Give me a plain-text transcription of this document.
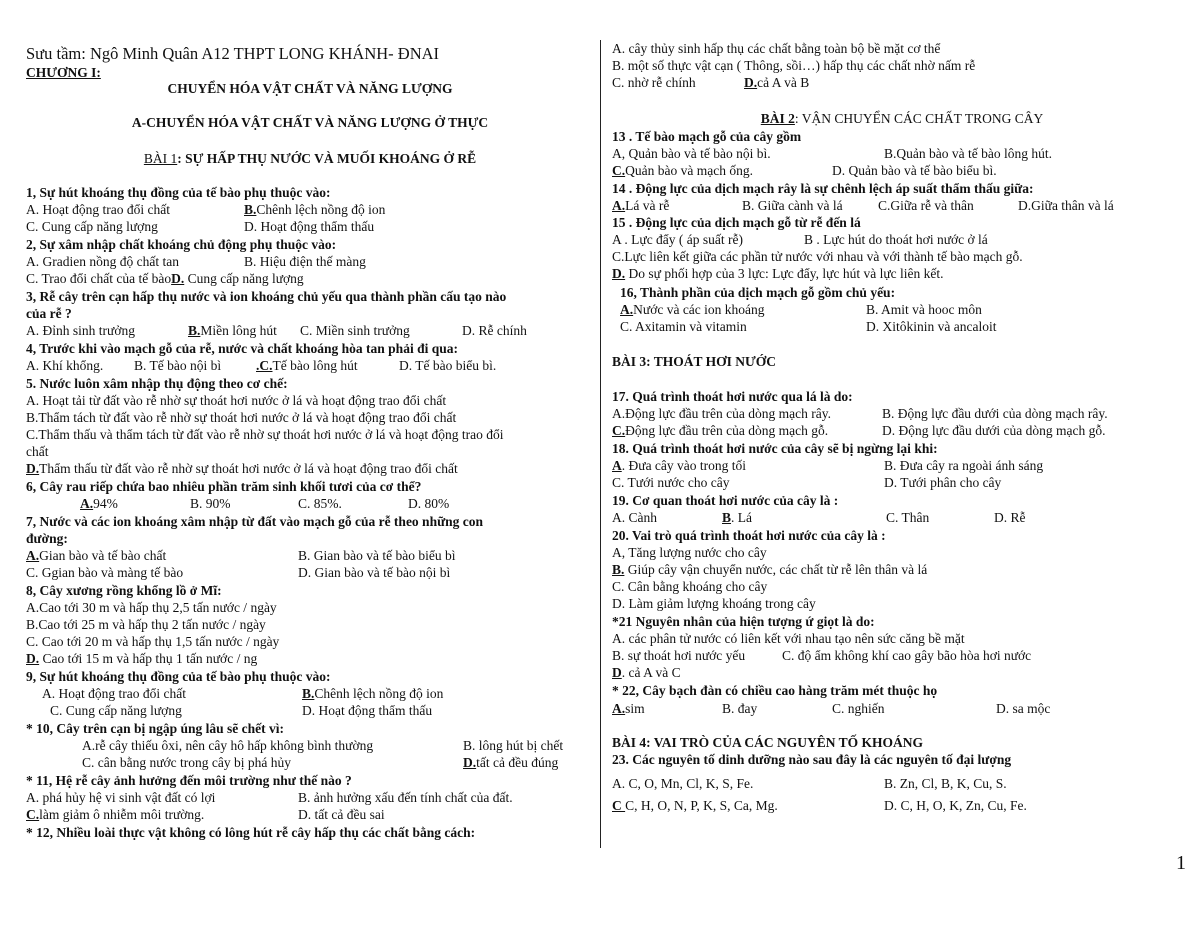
Sưu tầm: Ngô Minh Quân A12 THPT LONG KHÁNH- ĐNAI
CHƯƠNG I:
CHUYỂN HÓA VẬT CHẤT VÀ NĂNG LƯỢNG
A-CHUYỂN HÓA VẬT CHẤT VÀ NĂNG LƯỢNG Ở THỰC
BÀI 1: SỰ HẤP THỤ NƯỚC VÀ MUỐI KHOÁNG Ở RỄ
1, Sự hút khoáng thụ đồng của tế bào phụ thuộc vào:
A. Hoạt động trao đổi chất	B.Chênh lệch nồng độ ion
C. Cung cấp năng lượng	D. Hoạt động thẩm thấu
2, Sự xâm nhập chất khoáng chủ động phụ thuộc vào:
A. Gradien nồng độ chất tan	B. Hiệu điện thế màng
C. Trao đổi chất của tế bàoD. Cung cấp năng lượng
3, Rễ cây trên cạn hấp thụ nước và ion khoáng chủ yếu qua thành phần cấu tạo nào
của rễ ?
A. Đỉnh sinh trưởng	B.Miền lông hút	C. Miền sinh trưởng	D. Rễ chính
4, Trước khi vào mạch gỗ của rễ, nước và chất khoáng hòa tan phải đi qua:
A. Khí khổng.	B. Tế bào nội bì	.C.Tế bào lông hút	D. Tế bào biểu bì.
5. Nước luôn xâm nhập thụ động theo cơ chế:
A. Hoạt tải từ đất vào rễ nhờ sự thoát hơi nước ở lá và hoạt động trao đổi chất
B.Thẩm tách từ đất vào rễ nhờ sự thoát hơi nước ở lá và hoạt động trao đổi chất
C.Thẩm thấu và thẩm tách từ đất vào rễ nhờ sự thoát hơi nước ở lá và hoạt động trao đổi
chất
D.Thẩm thấu từ đất vào rễ nhờ sự thoát hơi nước ở lá và hoạt động trao đổi chất
6, Cây rau riếp chứa bao nhiêu phần trăm sinh khối tươi của cơ thể?
A.94%	B. 90%	C. 85%.	D. 80%
7, Nước và các ion khoáng xâm nhập từ đất vào mạch gỗ của rễ theo những con
đường:
A.Gian bào và tế bào chất	B. Gian bào và tế bào biểu bì
C. Ggian bào và màng tế bào	D. Gian bào và tế bào nội bì
8, Cây xương rồng khổng lồ ở Mĩ:
A.Cao tới 30 m và hấp thụ 2,5 tấn nước / ngày
B.Cao tới 25 m và hấp thụ 2 tấn nước / ngày
C. Cao tới 20 m và hấp thụ 1,5 tấn nước / ngày
D. Cao tới 15 m và hấp thụ 1 tấn nước / ng
9, Sự hút khoáng thụ đồng của tế bào phụ thuộc vào:
A. Hoạt động trao đổi chất	B.Chênh lệch nồng độ ion
C. Cung cấp năng lượng	D. Hoạt động thẩm thấu
* 10, Cây trên cạn bị ngập úng lâu sẽ chết vì:
A.rễ cây thiếu ôxi, nên cây hô hấp không bình thường	B. lông hút bị chết
C. cân bằng nước trong cây bị phá hủy	D.tất cả đều đúng
* 11, Hệ rễ cây ảnh hưởng đến môi trường như thế nào ?
A. phá hủy hệ vi sinh vật đất có lợi	B. ảnh hưởng xấu đến tính chất của đất.
C.làm giảm ô nhiễm môi trường.	D. tất cả đều sai
* 12, Nhiều loài thực vật không có lông hút rễ cây hấp thụ các chất bằng cách:
A. cây thủy sinh hấp thụ các chất bằng toàn bộ bề mặt cơ thể
B. một số thực vật cạn ( Thông, sồi…) hấp thụ các chất nhờ nấm rễ
C. nhờ rễ chính	D.cả A và B
BÀI 2: VẬN CHUYỂN CÁC CHẤT TRONG CÂY
13 . Tế bào mạch gỗ của cây gồm
A, Quản bào và tế bào nội bì.	B.Quản bào và tế bào lông hút.
C.Quản bào và mạch ống.	D. Quản bào và tế bào biểu bì.
14 . Động lực của dịch mạch rây là sự chênh lệch áp suất thẩm thấu giữa:
A.Lá và rễ	B. Giữa cành và lá	C.Giữa rễ và thân	D.Giữa thân và lá
15 . Động lực của dịch mạch gỗ từ rễ đến lá
A . Lực đẩy ( áp suất rễ)	B . Lực hút do thoát hơi nước ở lá
C.Lực liên kết giữa các phần tử nước với nhau và với thành tế bào mạch gỗ.
D. Do sự phối hợp của 3 lực: Lực đẩy, lực hút và lực liên kết.
16, Thành phần của dịch mạch gỗ gồm chủ yếu:
A.Nước và các ion khoáng	B. Amit và hooc môn
C. Axitamin và vitamin	D. Xitôkinin và ancaloit
BÀI 3: THOÁT HƠI NƯỚC
17. Quá trình thoát hơi nước qua lá là do:
A.Động lực đầu trên của dòng mạch rây.	B. Động lực đầu dưới của dòng mạch rây.
C.Động lực đầu trên của dòng mạch gỗ.	D. Động lực đầu dưới của dòng mạch gỗ.
18. Quá trình thoát hơi nước của cây sẽ bị ngừng lại khi:
A. Đưa cây vào trong tối	B. Đưa cây ra ngoài ánh sáng
C. Tưới nước cho cây	D. Tưới phân cho cây
19. Cơ quan thoát hơi nước của cây là :
A. Cành	B. Lá	C. Thân	D. Rễ
20. Vai trò quá trình thoát hơi nước của cây là :
A, Tăng lượng nước cho cây
B. Giúp cây vận chuyển nước, các chất từ rễ lên thân và lá
C. Cân bằng khoáng cho cây
D. Làm giảm lượng khoáng trong cây
*21 Nguyên nhân của hiện tượng ứ giọt là do:
A. các phân tử nước có liên kết với nhau tạo nên sức căng bề mặt
B. sự thoát hơi nước yếu	C. độ ẩm không khí cao gây bão hòa hơi nước
D. cả A và C
* 22, Cây bạch đàn có chiều cao hàng trăm mét thuộc họ
A.sim	B. đay	C. nghiến	D. sa mộc
BÀI 4: VAI TRÒ CỦA CÁC NGUYÊN TỐ KHOÁNG
23. Các nguyên tố dinh dưỡng nào sau đây là các nguyên tố đại lượng
A. C, O, Mn, Cl, K, S, Fe.	B. Zn, Cl, B, K, Cu, S.
C C, H, O, N, P, K, S, Ca, Mg.	D. C, H, O, K, Zn, Cu, Fe.
1
